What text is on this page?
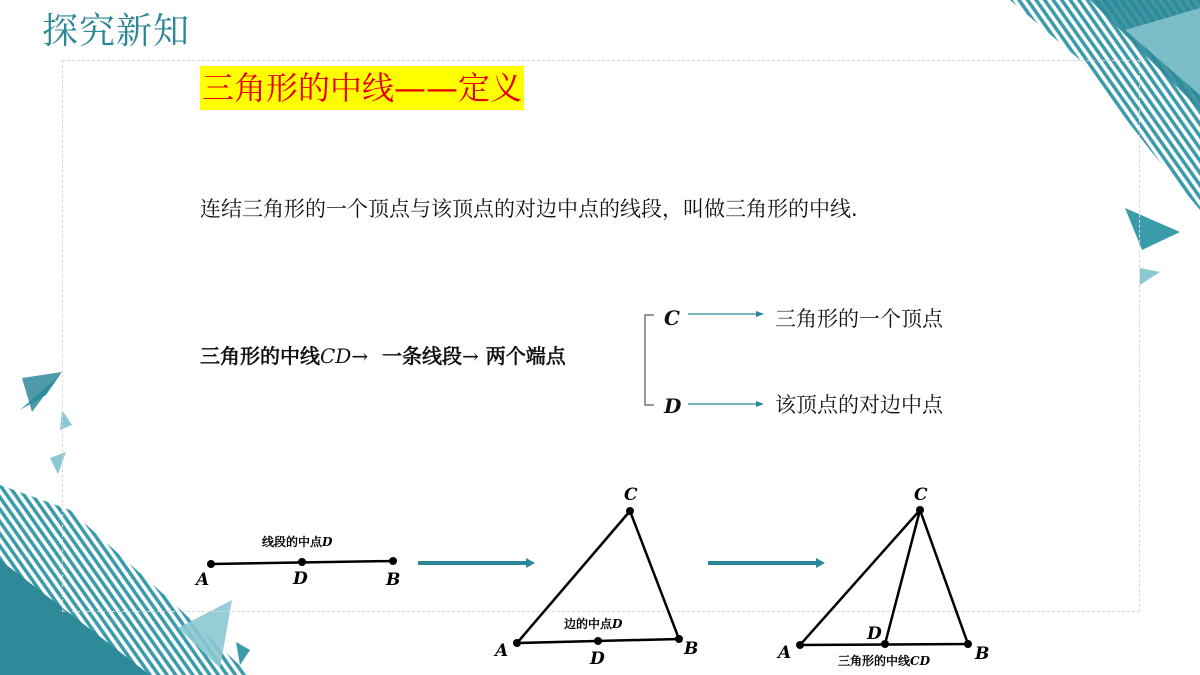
探究新知
三角形的中线——定义
连结三角形的一个顶点与该顶点的对边中点的线段，叫做三角形的中线.
三角形的中线CD→ 一条线段→ 两个端点
C	三角形的一个顶点
D	该顶点的对边中点
线段的中点D
A	D	B
边的中点D
C
A	D	B
三角形的中线CD
C
A
D
B
